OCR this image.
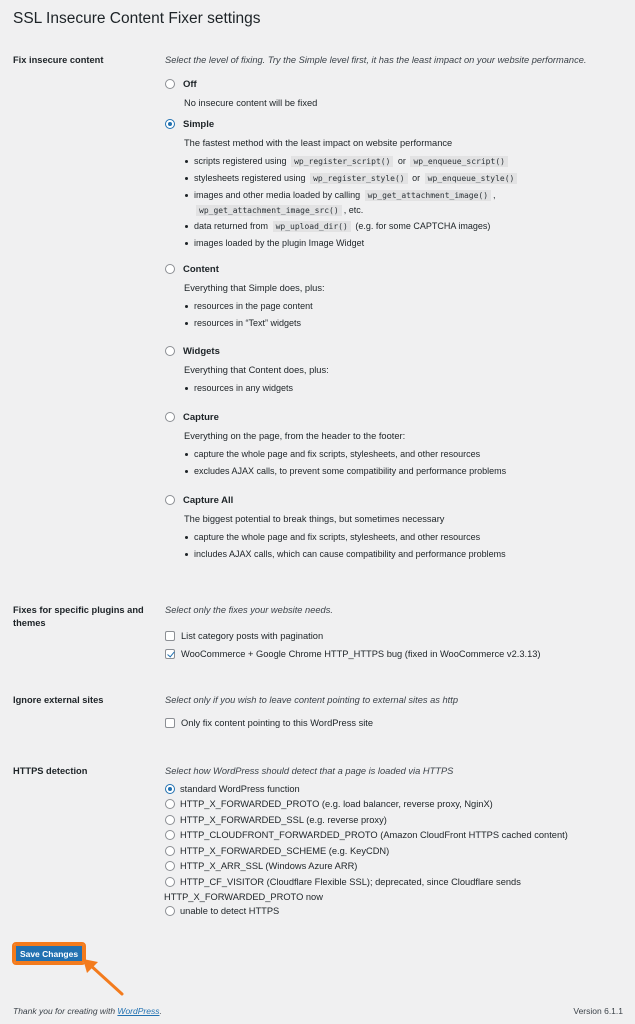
SSL Insecure Content Fixer settings
Fix insecure content	Select the level of fixing. Try the Simple level first, it has the least impact on your website performance.

Off
No insecure content will be fixed
Simple
The fastest method with the least impact on website performance
scripts registered using wp_register_script() or wp_enqueue_script()
stylesheets registered using wp_register_style() or wp_enqueue_style()
images and other media loaded by calling wp_get_attachment_image() ,
wp_get_attachment_image_src() , etc.
data returned from wp_upload_dir() (e.g. for some CAPTCHA images)
images loaded by the plugin Image Widget
Content
Everything that Simple does, plus:
resources in the page content
resources in “Text” widgets
Widgets
Everything that Content does, plus:
resources in any widgets
Capture
Everything on the page, from the header to the footer:
capture the whole page and fix scripts, stylesheets, and other resources
excludes AJAX calls, to prevent some compatibility and performance problems
Capture All
The biggest potential to break things, but sometimes necessary
capture the whole page and fix scripts, stylesheets, and other resources
includes AJAX calls, which can cause compatibility and performance problems
Fixes for specific plugins and themes

Select only the fixes your website needs.

List category posts with pagination
WooCommerce + Google Chrome HTTP_HTTPS bug (fixed in WooCommerce v2.3.13)
Ignore external sites	Select only if you wish to leave content pointing to external sites as http

Only fix content pointing to this WordPress site
HTTPS detection	Select how WordPress should detect that a page is loaded via HTTPS

standard WordPress function
HTTP_X_FORWARDED_PROTO (e.g. load balancer, reverse proxy, NginX)
HTTP_X_FORWARDED_SSL (e.g. reverse proxy)
HTTP_CLOUDFRONT_FORWARDED_PROTO (Amazon CloudFront HTTPS cached content)
HTTP_X_FORWARDED_SCHEME (e.g. KeyCDN)
HTTP_X_ARR_SSL (Windows Azure ARR)
HTTP_CF_VISITOR (Cloudflare Flexible SSL); deprecated, since Cloudflare sends
HTTP_X_FORWARDED_PROTO now
unable to detect HTTPS
Save Changes
Thank you for creating with WordPress.	Version 6.1.1
